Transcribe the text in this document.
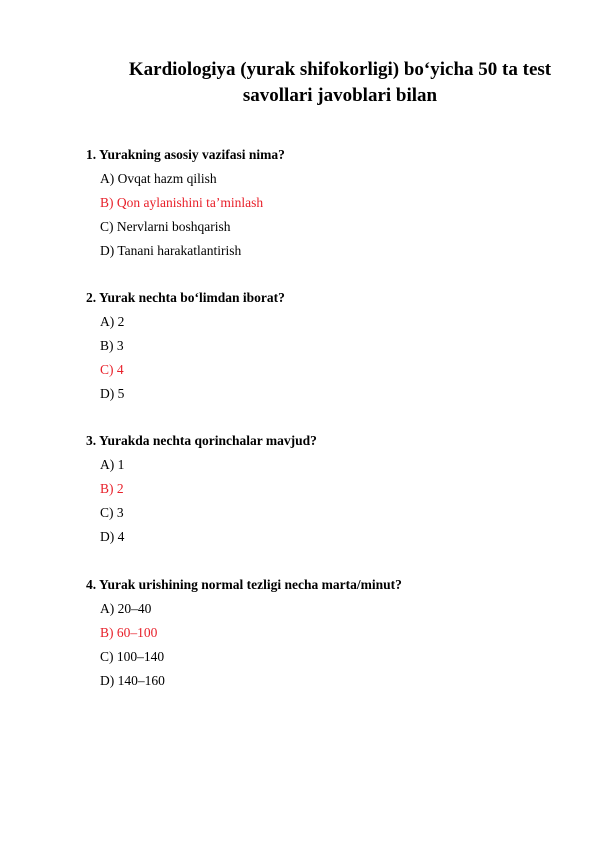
Kardiologiya (yurak shifokorligi) bo‘yicha 50 ta test
savollari javoblari bilan
1. Yurakning asosiy vazifasi nima?
A) Ovqat hazm qilish
B) Qon aylanishini ta’minlash
C) Nervlarni boshqarish
D) Tanani harakatlantirish
2. Yurak nechta bo‘limdan iborat?
A) 2
B) 3
C) 4
D) 5
3. Yurakda nechta qorinchalar mavjud?
A) 1
B) 2
C) 3
D) 4
4. Yurak urishining normal tezligi necha marta/minut?
A) 20–40
B) 60–100
C) 100–140
D) 140–160
